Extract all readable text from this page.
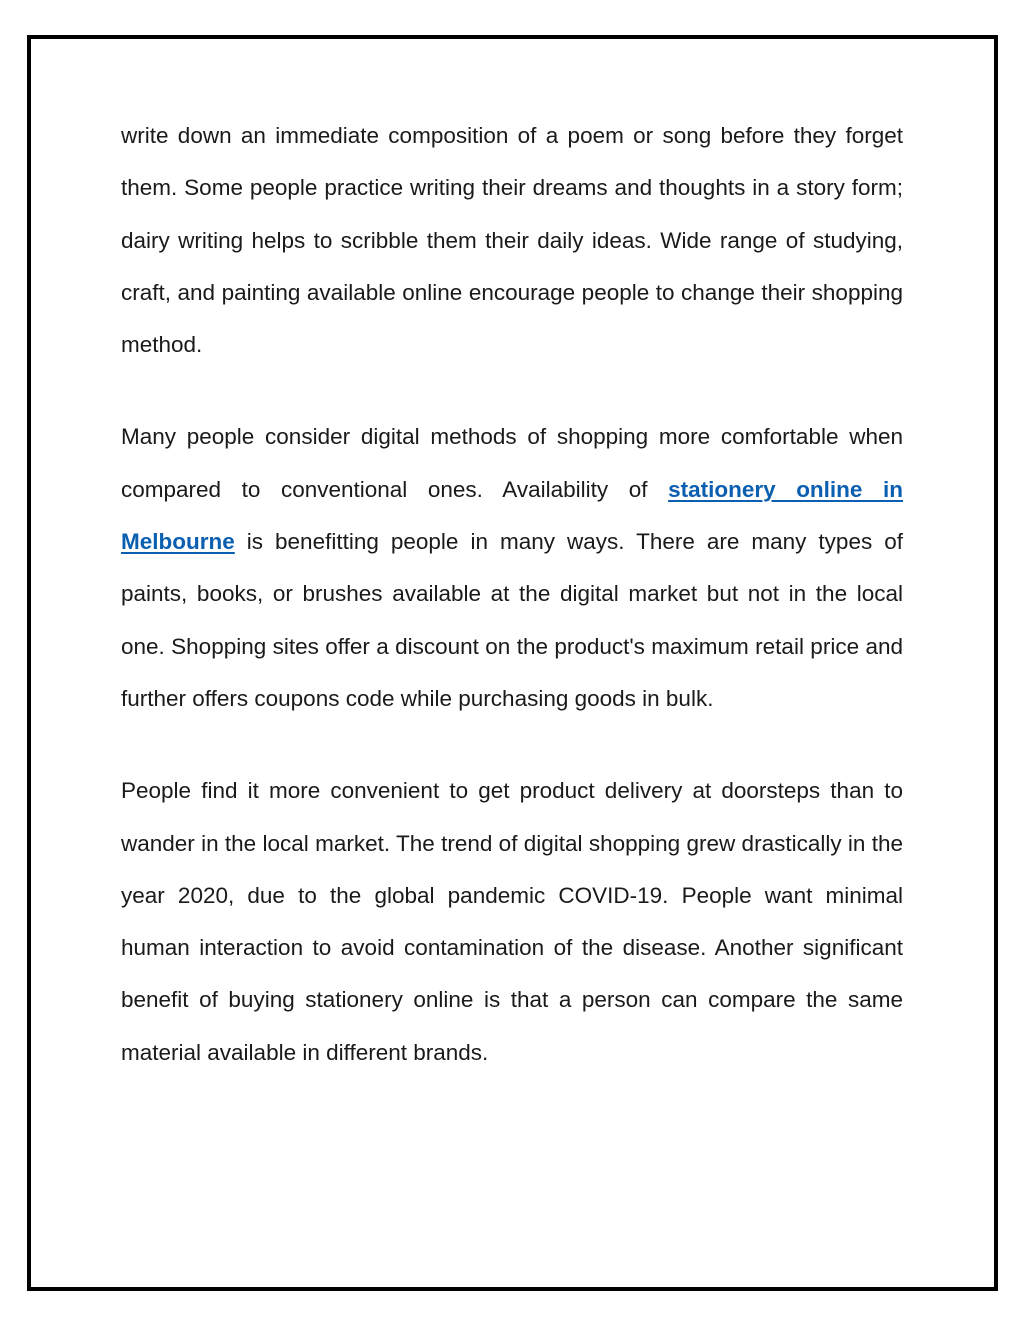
write down an immediate composition of a poem or song before they forget them. Some people practice writing their dreams and thoughts in a story form; dairy writing helps to scribble them their daily ideas. Wide range of studying, craft, and painting available online encourage people to change their shopping method.

Many people consider digital methods of shopping more comfortable when compared to conventional ones. Availability of stationery online in Melbourne is benefitting people in many ways. There are many types of paints, books, or brushes available at the digital market but not in the local one. Shopping sites offer a discount on the product's maximum retail price and further offers coupons code while purchasing goods in bulk.

People find it more convenient to get product delivery at doorsteps than to wander in the local market. The trend of digital shopping grew drastically in the year 2020, due to the global pandemic COVID-19. People want minimal human interaction to avoid contamination of the disease. Another significant benefit of buying stationery online is that a person can compare the same material available in different brands.
